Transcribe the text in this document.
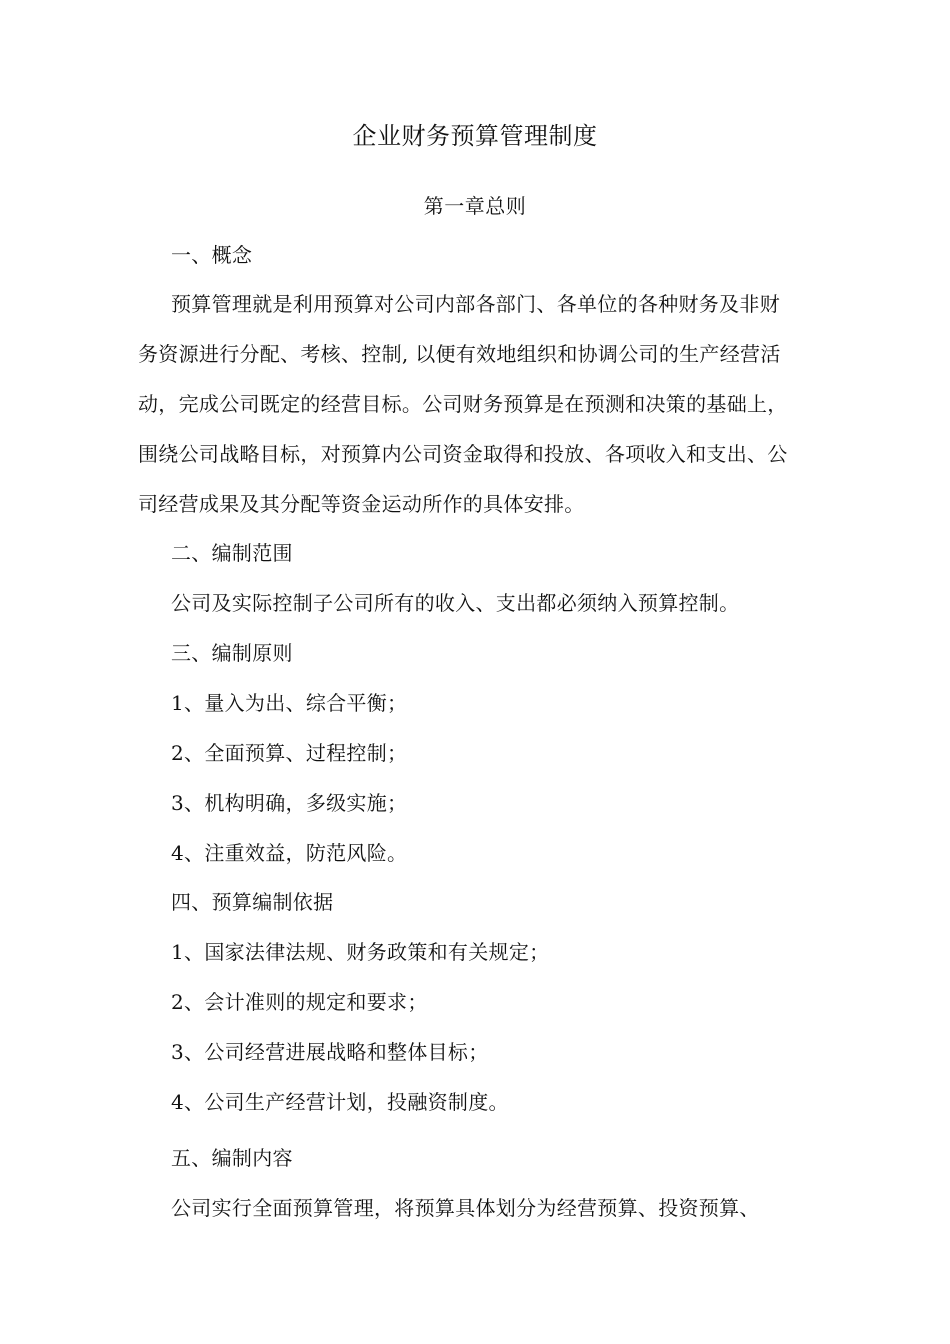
企业财务预算管理制度
第一章总则
一、概念
预算管理就是利用预算对公司内部各部门、各单位的各种财务及非财
务资源进行分配、考核、控制, 以便有效地组织和协调公司的生产经营活
动，完成公司既定的经营目标。公司财务预算是在预测和决策的基础上，
围绕公司战略目标，对预算内公司资金取得和投放、各项收入和支出、公
司经营成果及其分配等资金运动所作的具体安排。
二、编制范围
公司及实际控制子公司所有的收入、支出都必须纳入预算控制。
三、编制原则
1、量入为出、综合平衡；
2、全面预算、过程控制；
3、机构明确，多级实施；
4、注重效益，防范风险。
四、预算编制依据
1、国家法律法规、财务政策和有关规定；
2、会计准则的规定和要求；
3、公司经营进展战略和整体目标；
4、公司生产经营计划，投融资制度。
五、编制内容
公司实行全面预算管理，将预算具体划分为经营预算、投资预算、
